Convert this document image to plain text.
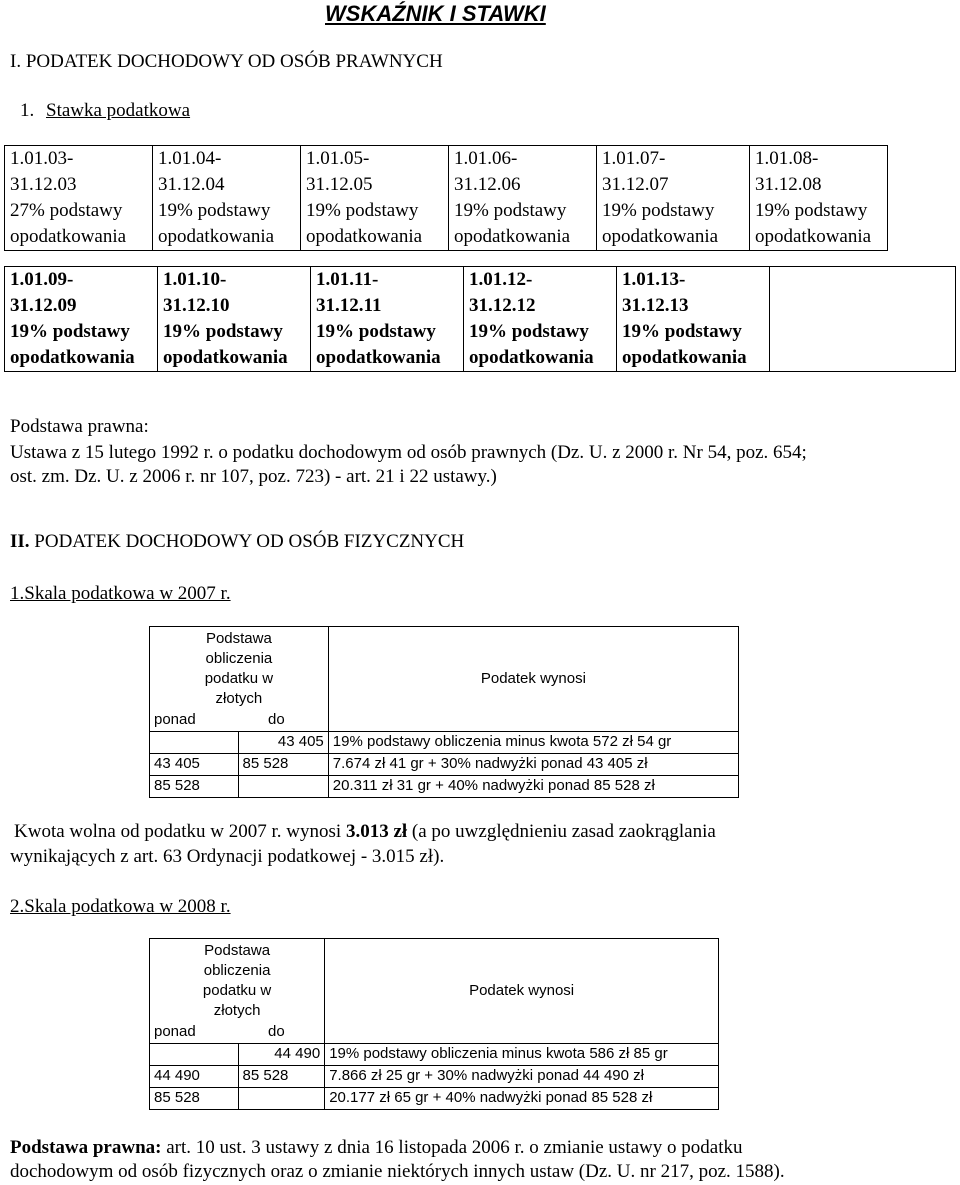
WSKAŹNIK I STAWKI
I. PODATEK DOCHODOWY OD OSÓB PRAWNYCH
1. Stawka podatkowa
1.01.03-
31.12.03
27% podstawy
opodatkowania

1.01.04-
31.12.04
19% podstawy
opodatkowania

1.01.05-
31.12.05
19% podstawy
opodatkowania

1.01.06-
31.12.06
19% podstawy
opodatkowania

1.01.07-
31.12.07
19% podstawy
opodatkowania

1.01.08-
31.12.08
19% podstawy
opodatkowania
1.01.09-
31.12.09
19% podstawy
opodatkowania

1.01.10-
31.12.10
19% podstawy
opodatkowania

1.01.11-
31.12.11
19% podstawy
opodatkowania

1.01.12-
31.12.12
19% podstawy
opodatkowania

1.01.13-
31.12.13
19% podstawy
opodatkowania

Podstawa prawna:
Ustawa z 15 lutego 1992 r. o podatku dochodowym od osób prawnych (Dz. U. z 2000 r. Nr 54, poz. 654;
ost. zm. Dz. U. z 2006 r. nr 107, poz. 723) - art. 21 i 22 ustawy.)
II. PODATEK DOCHODOWY OD OSÓB FIZYCZNYCH
1.Skala podatkowa w 2007 r.
Podstawa
obliczenia
podatku w
złotych		Podatek wynosi
ponad	do	
	43 405	19% podstawy obliczenia minus kwota 572 zł 54 gr
43 405	85 528	7.674 zł 41 gr + 30% nadwyżki ponad 43 405 zł
85 528		20.311 zł 31 gr + 40% nadwyżki ponad 85 528 zł
Kwota wolna od podatku w 2007 r. wynosi 3.013 zł (a po uwzględnieniu zasad zaokrąglania
wynikających z art. 63 Ordynacji podatkowej - 3.015 zł).
2.Skala podatkowa w 2008 r.
Podstawa
obliczenia
podatku w
złotych		Podatek wynosi
ponad	do	
	44 490	19% podstawy obliczenia minus kwota 586 zł 85 gr
44 490	85 528	7.866 zł 25 gr + 30% nadwyżki ponad 44 490 zł
85 528		20.177 zł 65 gr + 40% nadwyżki ponad 85 528 zł
Podstawa prawna: art. 10 ust. 3 ustawy z dnia 16 listopada 2006 r. o zmianie ustawy o podatku
dochodowym od osób fizycznych oraz o zmianie niektórych innych ustaw (Dz. U. nr 217, poz. 1588).
